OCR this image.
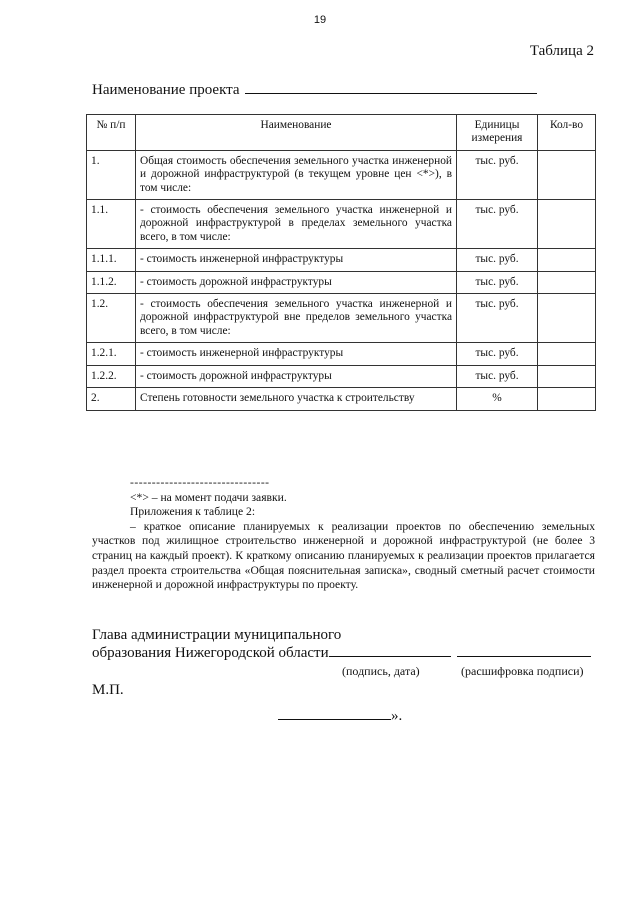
19
Таблица 2
Наименование проекта
№ п/п	Наименование	Единицы измерения	Кол-во
1.	Общая стоимость обеспечения земельного участка инженерной и дорожной инфраструктурой (в текущем уровне цен <*>), в том числе:	тыс. руб.	
1.1.	- стоимость обеспечения земельного участка инженерной и дорожной инфраструктурой в пределах земельного участка всего, в том числе:	тыс. руб.	
1.1.1.	- стоимость инженерной инфраструктуры	тыс. руб.	
1.1.2.	- стоимость дорожной инфраструктуры	тыс. руб.	
1.2.	- стоимость обеспечения земельного участка инженерной и дорожной инфраструктурой вне пределов земельного участка всего, в том числе:	тыс. руб.	
1.2.1.	- стоимость инженерной инфраструктуры	тыс. руб.	
1.2.2.	- стоимость дорожной инфраструктуры	тыс. руб.	
2.	Степень готовности земельного участка к строительству	%	
--------------------------------
<*> – на момент подачи заявки.
Приложения к таблице 2:
– краткое описание планируемых к реализации проектов по обеспечению земельных участков под жилищное строительство инженерной и дорожной инфраструктурой (не более 3 страниц на каждый проект). К краткому описанию планируемых к реализации проектов прилагается раздел проекта строительства «Общая пояснительная записка», сводный сметный расчет стоимости инженерной и дорожной инфраструктуры по проекту.
Глава администрации муниципального
образования Нижегородской области
(подпись, дата)	(расшифровка подписи)
М.П.
».
